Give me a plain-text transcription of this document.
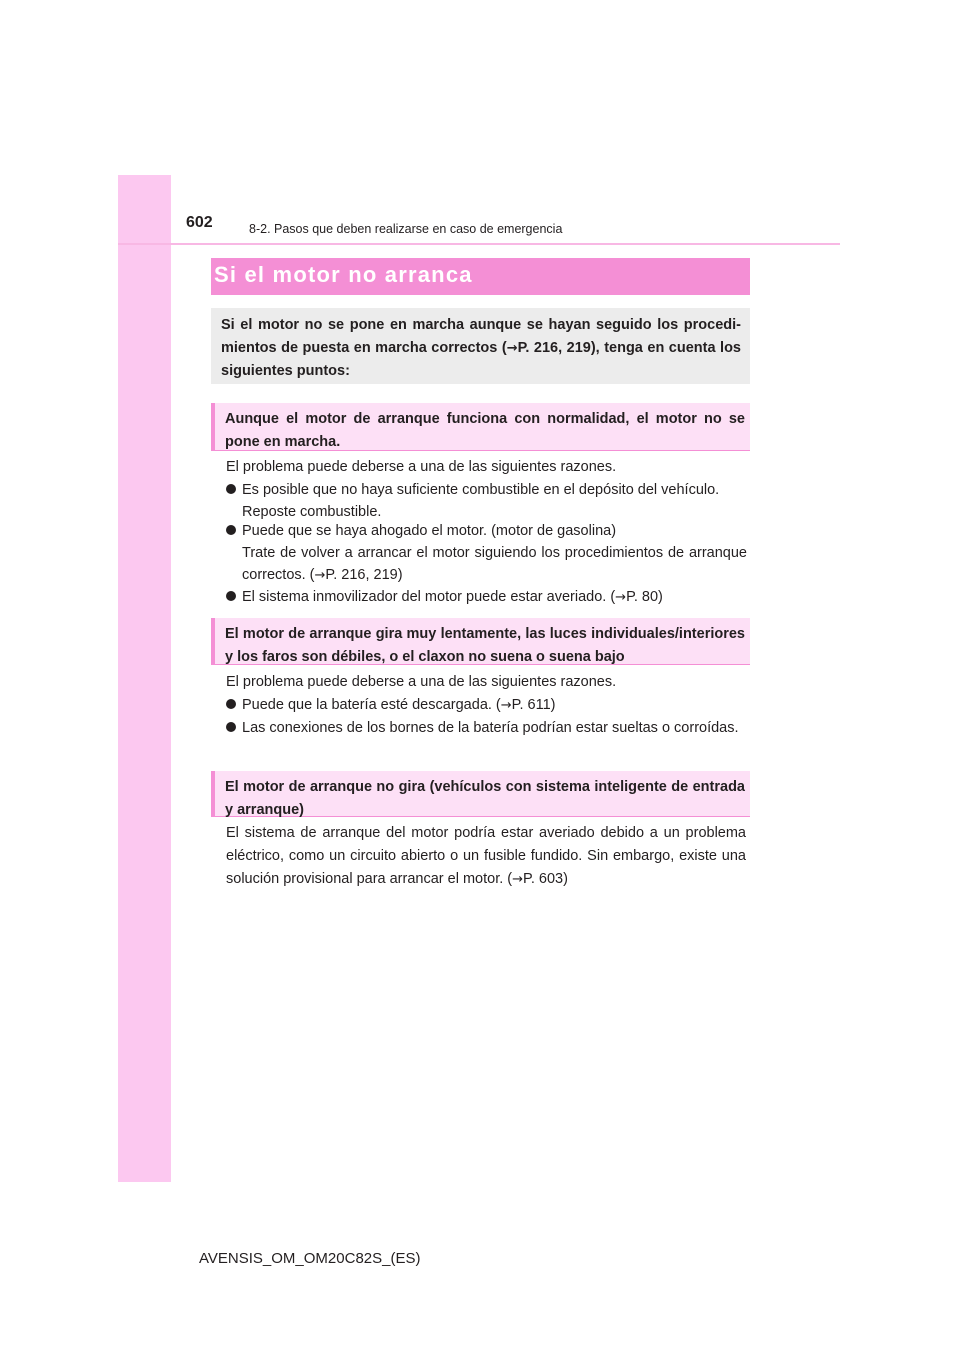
602	8-2. Pasos que deben realizarse en caso de emergencia
Si el motor no arranca
Si el motor no se pone en marcha aunque se hayan seguido los procedimientos de puesta en marcha correctos (→P. 216, 219), tenga en cuenta los siguientes puntos:
Aunque el motor de arranque funciona con normalidad, el motor no se pone en marcha.
El problema puede deberse a una de las siguientes razones.
Es posible que no haya suficiente combustible en el depósito del vehículo.
Reposte combustible.
Puede que se haya ahogado el motor. (motor de gasolina)
Trate de volver a arrancar el motor siguiendo los procedimientos de arranque correctos. (→P. 216, 219)
El sistema inmovilizador del motor puede estar averiado. (→P. 80)
El motor de arranque gira muy lentamente, las luces individuales/interiores y los faros son débiles, o el claxon no suena o suena bajo
El problema puede deberse a una de las siguientes razones.
Puede que la batería esté descargada. (→P. 611)
Las conexiones de los bornes de la batería podrían estar sueltas o corroídas.
El motor de arranque no gira (vehículos con sistema inteligente de entrada y arranque)
El sistema de arranque del motor podría estar averiado debido a un problema eléctrico, como un circuito abierto o un fusible fundido. Sin embargo, existe una solución provisional para arrancar el motor. (→P. 603)
AVENSIS_OM_OM20C82S_(ES)
